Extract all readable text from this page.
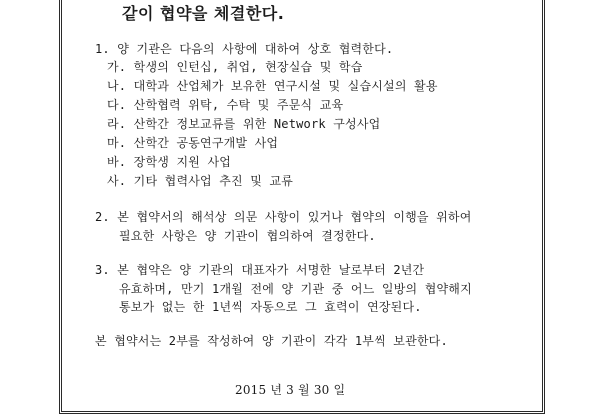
같이 협약을 체결한다.
1. 양 기관은 다음의 사항에 대하여 상호 협력한다.
가. 학생의 인턴십, 취업, 현장실습 및 학습
나. 대학과 산업체가 보유한 연구시설 및 실습시설의 활용
다. 산학협력 위탁, 수탁 및 주문식 교육
라. 산학간 정보교류를 위한 Network 구성사업
마. 산학간 공동연구개발 사업
바. 장학생 지원 사업
사. 기타 협력사업 추진 및 교류
2. 본 협약서의 해석상 의문 사항이 있거나 협약의 이행을 위하여
필요한 사항은 양 기관이 협의하여 결정한다.
3. 본 협약은 양 기관의 대표자가 서명한 날로부터 2년간
유효하며, 만기 1개월 전에 양 기관 중 어느 일방의 협약해지
통보가 없는 한 1년씩 자동으로 그 효력이 연장된다.
본 협약서는 2부를 작성하여 양 기관이 각각 1부씩 보관한다.
2015 년 3 월 30 일
